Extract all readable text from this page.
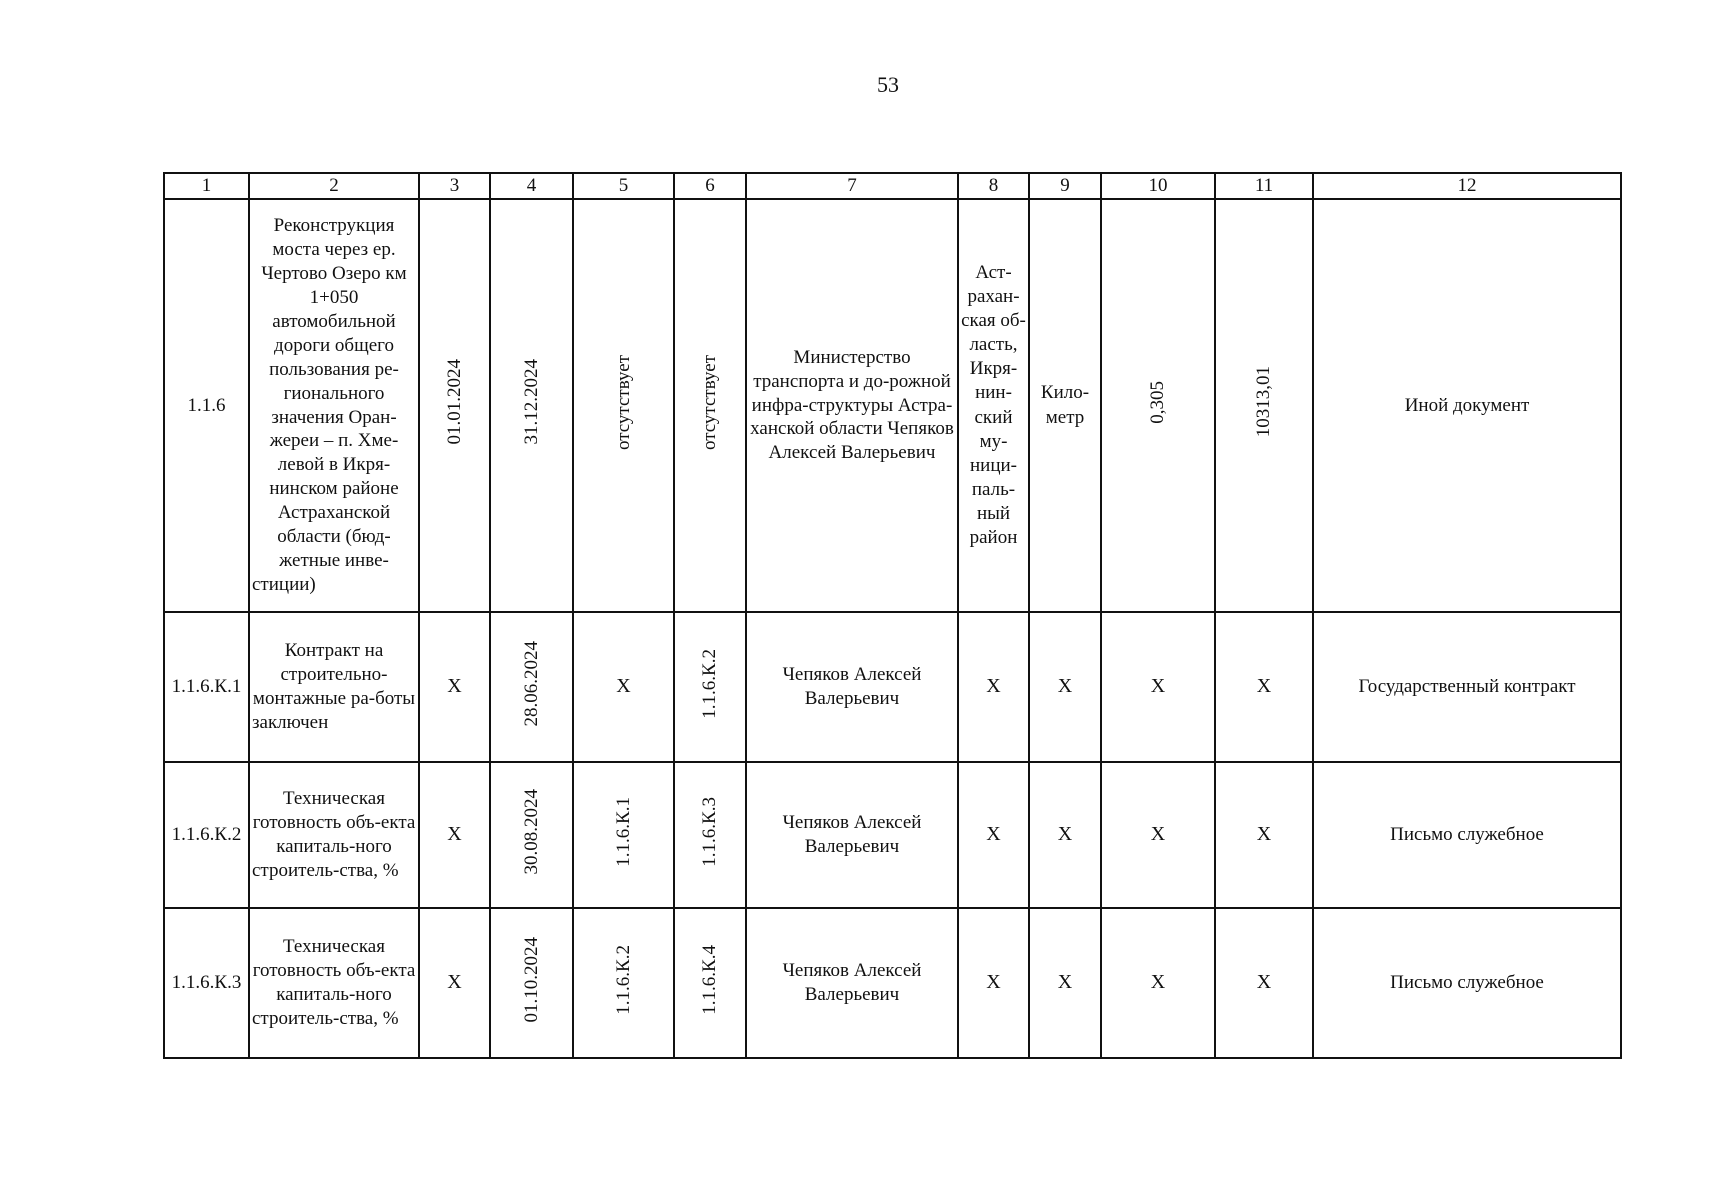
53
1	2	3	4	5	6	7	8	9	10	11	12
1.1.6	Реконструкция моста через ер. Чертово Озеро км 1+050 автомобильной дороги общего пользования ре-гионального значения Оран-жереи – п. Хме-левой в Икря-нинском районе Астраханской области (бюд-жетные инве-стиции)	01.01.2024	31.12.2024	отсутствует	отсутствует	Министерство транспорта и до-рожной инфра-структуры Астра-ханской области Чепяков Алексей Валерьевич	Аст-рахан-ская об-ласть, Икря-нин-ский му-ници-паль-ный район	Кило-метр	0,305	10313,01	Иной документ
1.1.6.К.1	Контракт на строительно-монтажные ра-боты заключен	X	28.06.2024	X	1.1.6.К.2	Чепяков Алексей Валерьевич	X	X	X	X	Государственный контракт
1.1.6.К.2	Техническая готовность объ-екта капиталь-ного строитель-ства, %	X	30.08.2024	1.1.6.К.1	1.1.6.К.3	Чепяков Алексей Валерьевич	X	X	X	X	Письмо служебное
1.1.6.К.3	Техническая готовность объ-екта капиталь-ного строитель-ства, %	X	01.10.2024	1.1.6.К.2	1.1.6.К.4	Чепяков Алексей Валерьевич	X	X	X	X	Письмо служебное
